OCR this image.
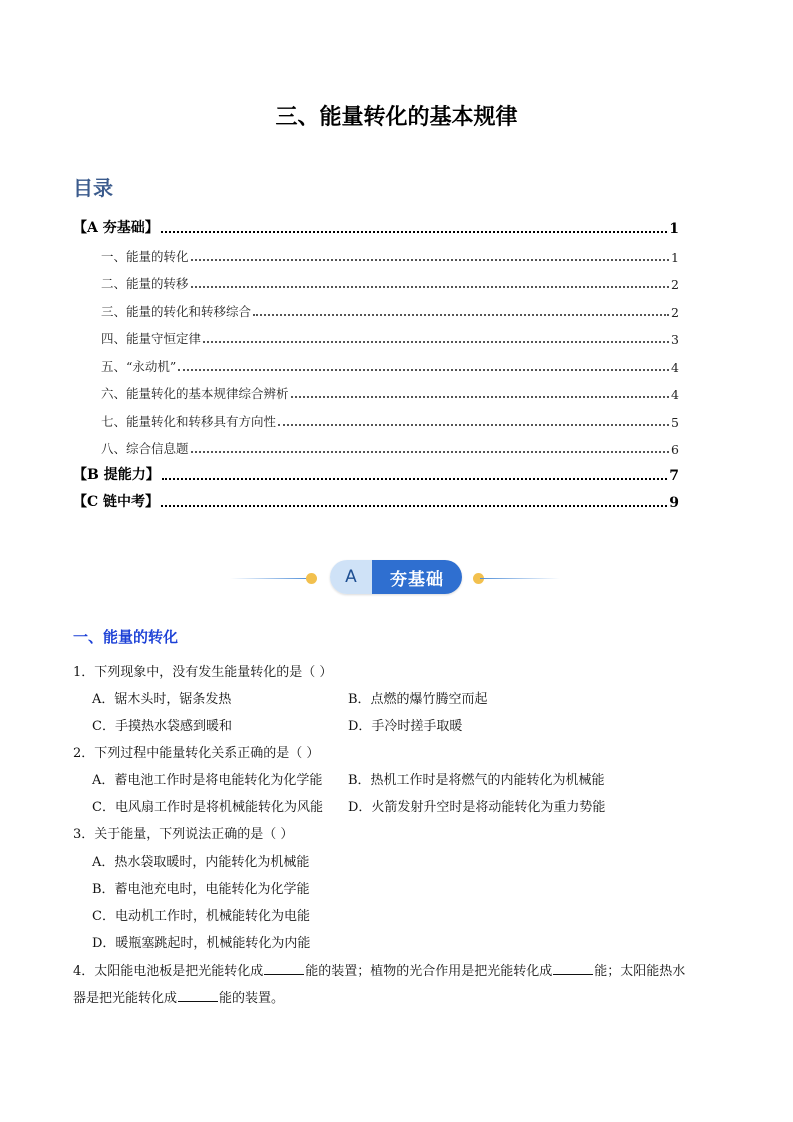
三、能量转化的基本规律
目录
【A 夯基础】	1
一、能量的转化	1
二、能量的转移	2
三、能量的转化和转移综合	2
四、能量守恒定律	3
五、“永动机”	4
六、能量转化的基本规律综合辨析	4
七、能量转化和转移具有方向性	5
八、综合信息题	6
【B 提能力】	7
【C 链中考】	9
A	夯基础
一、能量的转化
1．下列现象中，没有发生能量转化的是（ ）
A．锯木头时，锯条发热	B．点燃的爆竹腾空而起
C．手摸热水袋感到暖和	D．手冷时搓手取暖
2．下列过程中能量转化关系正确的是（ ）
A．蓄电池工作时是将电能转化为化学能 B．热机工作时是将燃气的内能转化为机械能
C．电风扇工作时是将机械能转化为风能 D．火箭发射升空时是将动能转化为重力势能
3．关于能量，下列说法正确的是（ ）
A．热水袋取暖时，内能转化为机械能
B．蓄电池充电时，电能转化为化学能
C．电动机工作时，机械能转化为电能
D．暖瓶塞跳起时，机械能转化为内能
4．太阳能电池板是把光能转化成	能的装置；植物的光合作用是把光能转化成	能；太阳能热水
器是把光能转化成	能的装置。
